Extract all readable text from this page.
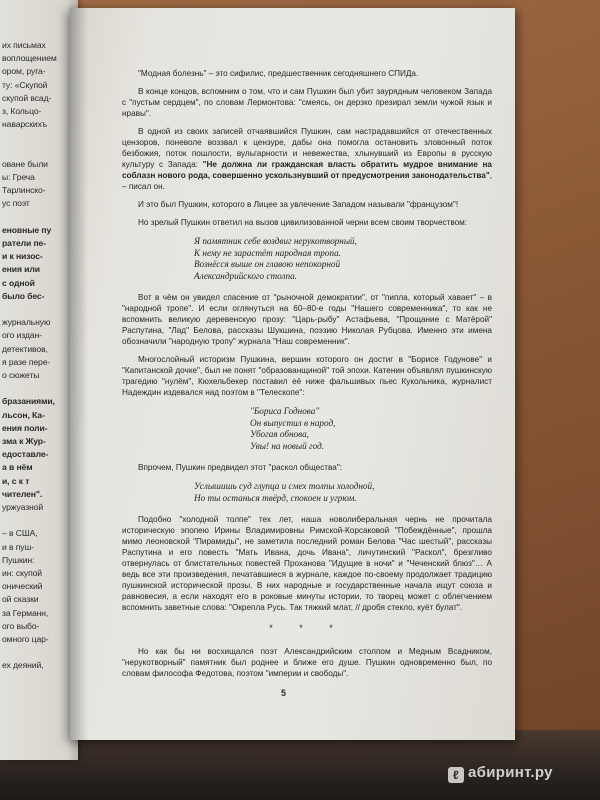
их письмах
воплощением
ором, руга-
ту: «Скупой
скупой всад-
з, Кольцо-
наварскихъ
оване были
ы: Греча
Тарлинско-
ус поэт
еновные пу
ратели пе-
и к низос-
ения или
с одной
было бес-
журнальную
ого издан-
детективов,
я разе пере-
о сюжеты
бразаниями,
льсон, Ка-
ения поли-
зма к Жур-
едоставле-
а в нём
и, с к т
чителен".
уржуазной
– в США,
и в пуш-
Пушкин:
ин: скупой
онический
ой сказки
за Германн,
ого выбо-
омного цар-
ех деяний,

"Модная болезнь" – это сифилис, предшественник сегодняшнего СПИДа.

В конце концов, вспомним о том, что и сам Пушкин был убит заурядным человеком Запада с "пустым сердцем", по словам Лермонтова: "смеясь, он дерзко презирал земли чужой язык и нравы".

В одной из своих записей отчаявшийся Пушкин, сам настрадавшийся от отечественных цензоров, поневоле воззвал к цензуре, дабы она помогла остановить зловонный поток безбожия, поток пошлости, вульгарности и невежества, хлынувший из Европы в русскую культуру с Запада: "Не должна ли гражданская власть обратить мудрое внимание на соблазн нового рода, совершенно ускользнувший от предусмотрения законодательства", – писал он.

И это был Пушкин, которого в Лицее за увлечение Западом называли "французом"!

Но зрелый Пушкин ответил на вызов цивилизованной черни всем своим творчеством:

Я памятник себе воздвиг нерукотворный,
К нему не зарастёт народная тропа.
Вознёсся выше он главою непокорной
Александрийского столпа.

Вот в чём он увидел спасение от "рыночной демократии", от "пипла, который хавает" – в "народной тропе". И если оглянуться на 60–80-е годы "Нашего современника", то как не вспомнить великую деревенскую прозу: "Царь-рыбу" Астафьева, "Прощание с Матёрой" Распутина, "Лад" Белова, рассказы Шукшина, поэзию Николая Рубцова. Именно эти имена обозначили "народную тропу" журнала "Наш современник".

Многослойный историзм Пушкина, вершин которого он достиг в "Борисе Годунове" и "Капитанской дочке", был не понят "образованщиной" той эпохи. Катенин объявлял пушкинскую трагедию "нулём", Кюхельбекер поставил её ниже фальшивых пьес Кукольника, журналист Надеждин издевался над поэтом в "Телескопе":

"Бориса Годнова"
Он выпустил в народ,
Убогая обнова,
Увы! на новый год.

Впрочем, Пушкин предвидел этот "раскол общества":

Услышишь суд глупца и смех толпы холодной,
Но ты останься твёрд, спокоен и угрюм.

Подобно "холодной толпе" тех лет, наша новолиберальная чернь не прочитала историческую эпопею Ирины Владимировны Римской-Корсаковой "Побеждённые", прошла мимо леоновской "Пирамиды", не заметила последний роман Белова "Час шестый", рассказы Распутина и его повесть "Мать Ивана, дочь Ивана", личутинский "Раскол", брезгливо отвернулась от блистательных повестей Проханова "Идущие в ночи" и "Чеченский блюз"… А ведь все эти произведения, печатавшиеся в журнале, каждое по-своему продолжает традицию пушкинской исторической прозы. В них народные и государственные начала ищут союза и равновесия, а если находят его в роковые минуты истории, то творец может с облегчением вспомнить заветные слова: "Окрепла Русь. Так тяжкий млат, // дробя стекло, куёт булат".

* * *

Но как бы ни восхищался поэт Александрийским столпом и Медным Всадником, "нерукотворный" памятник был роднее и ближе его душе. Пушкин одновременно был, по словам философа Федотова, поэтом "империи и свободы".

5
ℓ абиринт.ру
